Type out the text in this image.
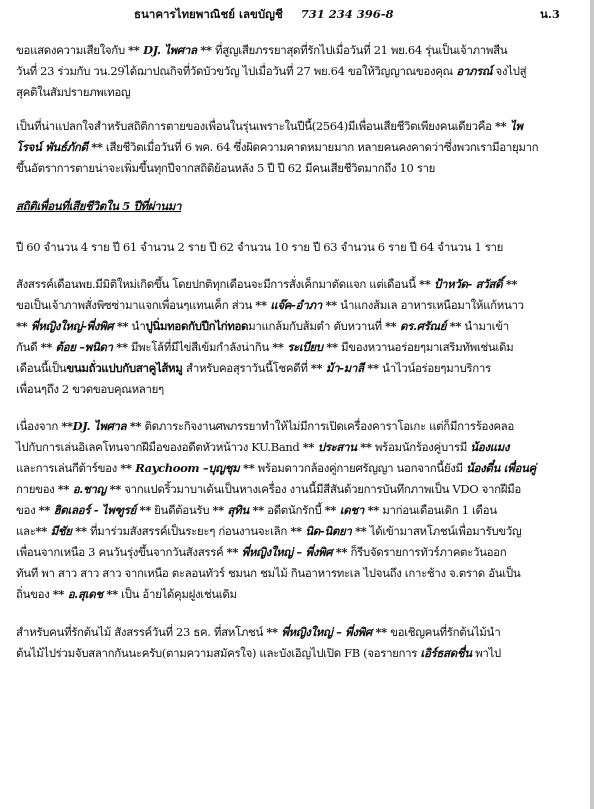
ธนาคารไทยพาณิชย์ เลขบัญชี 731 234 396-8	น.3
ขอแสดงความเสียใจกับ ** DJ. ไพศาล ** ที่สูญเสียภรรยาสุดที่รักไปเมื่อวันที่ 21 พย.64 รุ่นเป็นเจ้าภาพสีน
วันที่ 23 ร่วมกับ วน.29ได้ฌาปณกิจที่วัดบัวขวัญ ไปเมื่อวันที่ 27 พย.64 ขอให้วิญญาณของคุณ อาภรณ์ จงไปสู่
สุคติในสัมปรายภพเทอญ
เป็นที่น่าแปลกใจสำหรับสถิติการตายของเพื่อนในรุ่นเพราะในปีนี้(2564)มีเพื่อนเสียชีวิตเพียงคนเดียวคือ ** ไพ
โรจน์ พันธ์ภักดี ** เสียชีวิตเมื่อวันที่ 6 พค. 64 ซึ่งผิดความคาดหมายมาก หลายคนคงคาดว่าซึ่งพวกเรามีอายุมาก
ขึ้นอัตราการตายน่าจะเพิ่มขึ้นทุกปีจากสถิติย้อนหลัง 5 ปี ปี 62 มีคนเสียชีวิตมากถึง 10 ราย
สถิติเพื่อนที่เสียชีวิตใน 5 ปีที่ผ่านมา
ปี 60 จำนวน 4 ราย ปี 61 จำนวน 2 ราย ปี 62 จำนวน 10 ราย ปี 63 จำนวน 6 ราย ปี 64 จำนวน 1 ราย
สังสรรค์เดือนพย.มีมิติใหม่เกิดขึ้น โดยปกติทุกเดือนจะมีการสั่งเค็กมาตัดแจก แต่เดือนนี้ ** ป้าหวัด- สวัสดิ์ **
ขอเป็นเจ้าภาพสั่งพิซซ่ามาแจกเพื่อนๆแทนเค็ก ส่วน ** แจ๊ค-อำภา ** นำแกงส้มเล อาหารเหนือมาให้แก้หนาว
** พี่หญิงใหญ่-พี่งพิศ ** นำปูนิ่มทอดกับปีกไก่ทอดมาแกล้มกับส้มตำ ตับหวานที่ ** ดร.ศรัณย์ ** นำมาเข้า
กันดี ** ต้อย –พนิดา ** มีพะโล้ที่มีไข่สีเข้มกำลังน่ากิน ** ระเบียบ ** มีของหวานอร่อยๆมาเสริมทัพเช่นเดิม
เดือนนี้เป็นขนมถั่วแปบกับสาคูไส้หมู สำหรับคอสุราวันนี้โชคดีที่ ** ม้า-มาลี ** นำไวน์อร่อยๆมาบริการ
เพื่อนๆถึง 2 ขวดขอบคุณหลายๆ
เนื่องจาก **DJ. ไพศาล ** ติดภาระกิจงานศพภรรยาทำให้ไม่มีการเปิดเครื่องคาราโอเกะ แต่ก็มีการร้องคลอ
ไปกับการเล่นอิเลคโทนจากฝีมือของอดีตหัวหน้าวง KU.Band ** ประสาน ** พร้อมนักร้องคู่บารมี น้องแมง
และการเล่นกีต้าร์ของ ** Raychoom –บุญชุม ** พร้อมดาวกล้องคู่กายศรัญญา นอกจากนี้ยังมี น้องดี๋น เพื่อนคู่
กายของ ** อ.ชาญ ** จากแปดริ้วมาบาเด้นเป็นหางเครื่อง งานนี้มีสีสันด้วยการบันทึกภาพเป็น VDO จากฝีมือ
ของ ** ฮิตเลอร์ - ไพฑูรย์ ** ยินดีต้อนรับ ** สุทิน ** อดีตนักรักบี้ ** เดชา ** มาก่อนเดือนเดิก 1 เดือน
และ** มีชัย ** ที่มาร่วมสังสรรค์เป็นระยะๆ ก่อนงานจะเลิก ** นิด-นิตยา ** ได้เข้ามาสหโภชน์เพื่อมารับขวัญ
เพื่อนจากเหนือ 3 คนวันรุ่งขึ้นจากวันสังสรรค์ ** พี่หญิงใหญ่ – พี่งพิศ ** ก็รีบจัดรายการทัวร์ภาคตะวันออก
ทันที พา สาว สาว สาว จากเหนือ ตะลอนทัวร์ ชมนก ชมไม้ กินอาหารทะเล ไปจนถึง เกาะช้าง จ.ตราด อันเป็น
ถิ่นของ ** อ.สุเดช ** เป็น อ้ายได้คุมฝูงเช่นเดิม
สำหรับคนที่รักต้นไม้ สังสรรค์วันที่ 23 ธค. ที่สหโภชน์ ** พี่หญิงใหญ่ – พี่งพิศ ** ขอเชิญคนที่รักต้นไม้นำ
ต้นไม้ไปร่วมจับสลากกันนะครับ(ตามความสมัครใจ) และบังเอิญไปเปิด FB (จอรายการ เอิร์ธสดชื่น พาไป
